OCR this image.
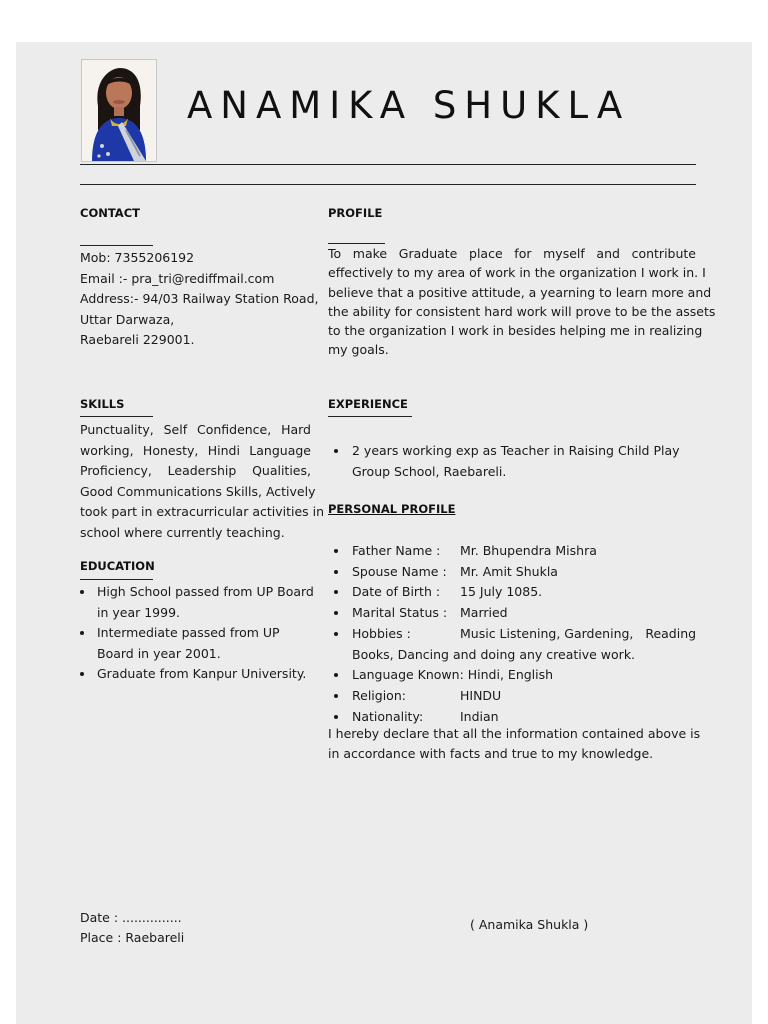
ANAMIKA SHUKLA
CONTACT
Mob: 7355206192
Email :- pra_tri@rediffmail.com
Address:- 94/03 Railway Station Road,
Uttar Darwaza,
Raebareli 229001.
PROFILE
To make Graduate place for myself and contribute
effectively to my area of work in the organization I work in. I
believe that a positive attitude, a yearning to learn more and
the ability for consistent hard work will prove to be the assets
to the organization I work in besides helping me in realizing
my goals.
SKILLS
Punctuality, Self Confidence, Hard
working, Honesty, Hindi Language
Proficiency, Leadership Qualities,
Good Communications Skills, Actively
took part in extracurricular activities in
school where currently teaching.
EXPERIENCE
2 years working exp as Teacher in Raising Child Play
Group School, Raebareli.
EDUCATION
High School passed from UP Board
in year 1999.
Intermediate passed from UP
Board in year 2001.
Graduate from Kanpur University.
PERSONAL PROFILE
Father Name : Mr. Bhupendra Mishra
Spouse Name : Mr. Amit Shukla
Date of Birth : 15 July 1085.
Marital Status : Married
Hobbies :	Music Listening, Gardening,   Reading
Books, Dancing and doing any creative work.
Language Known: Hindi, English
Religion:	HINDU
Nationality:	Indian
I hereby declare that all the information contained above is
in accordance with facts and true to my knowledge.
Date : ...............
Place : Raebareli
( Anamika Shukla )
